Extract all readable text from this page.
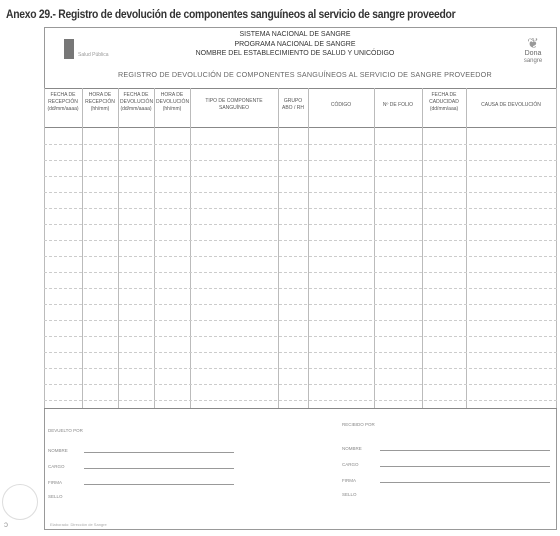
Anexo 29.- Registro de devolución de componentes sanguíneos al servicio de sangre proveedor
Salud Pública
SISTEMA NACIONAL DE SANGRE
PROGRAMA NACIONAL DE SANGRE
NOMBRE DEL ESTABLECIMIENTO DE SALUD Y UNICÓDIGO
REGISTRO DE DEVOLUCIÓN DE COMPONENTES SANGUÍNEOS AL SERVICIO DE SANGRE PROVEEDOR
❦
Dona
sangre
FECHA DE RECEPCIÓN (dd/mm/aaaa)
HORA DE RECEPCIÓN (hh/mm)
FECHA DE DEVOLUCIÓN (dd/mm/aaaa)
HORA DE DEVOLUCIÓN (hh/mm)
TIPO DE COMPONENTE SANGUÍNEO
GRUPO ABO / RH	CÓDIGO	Nº DE FOLIO
FECHA DE CADUCIDAD (dd/mm/aaa)
CAUSA DE DEVOLUCIÓN
DEVUELTO POR
NOMBRE
CARGO
FIRMA
SELLO
RECIBIDO POR
NOMBRE
CARGO
FIRMA
SELLO
Elaborado: Dirección de Sangre
ↄ
